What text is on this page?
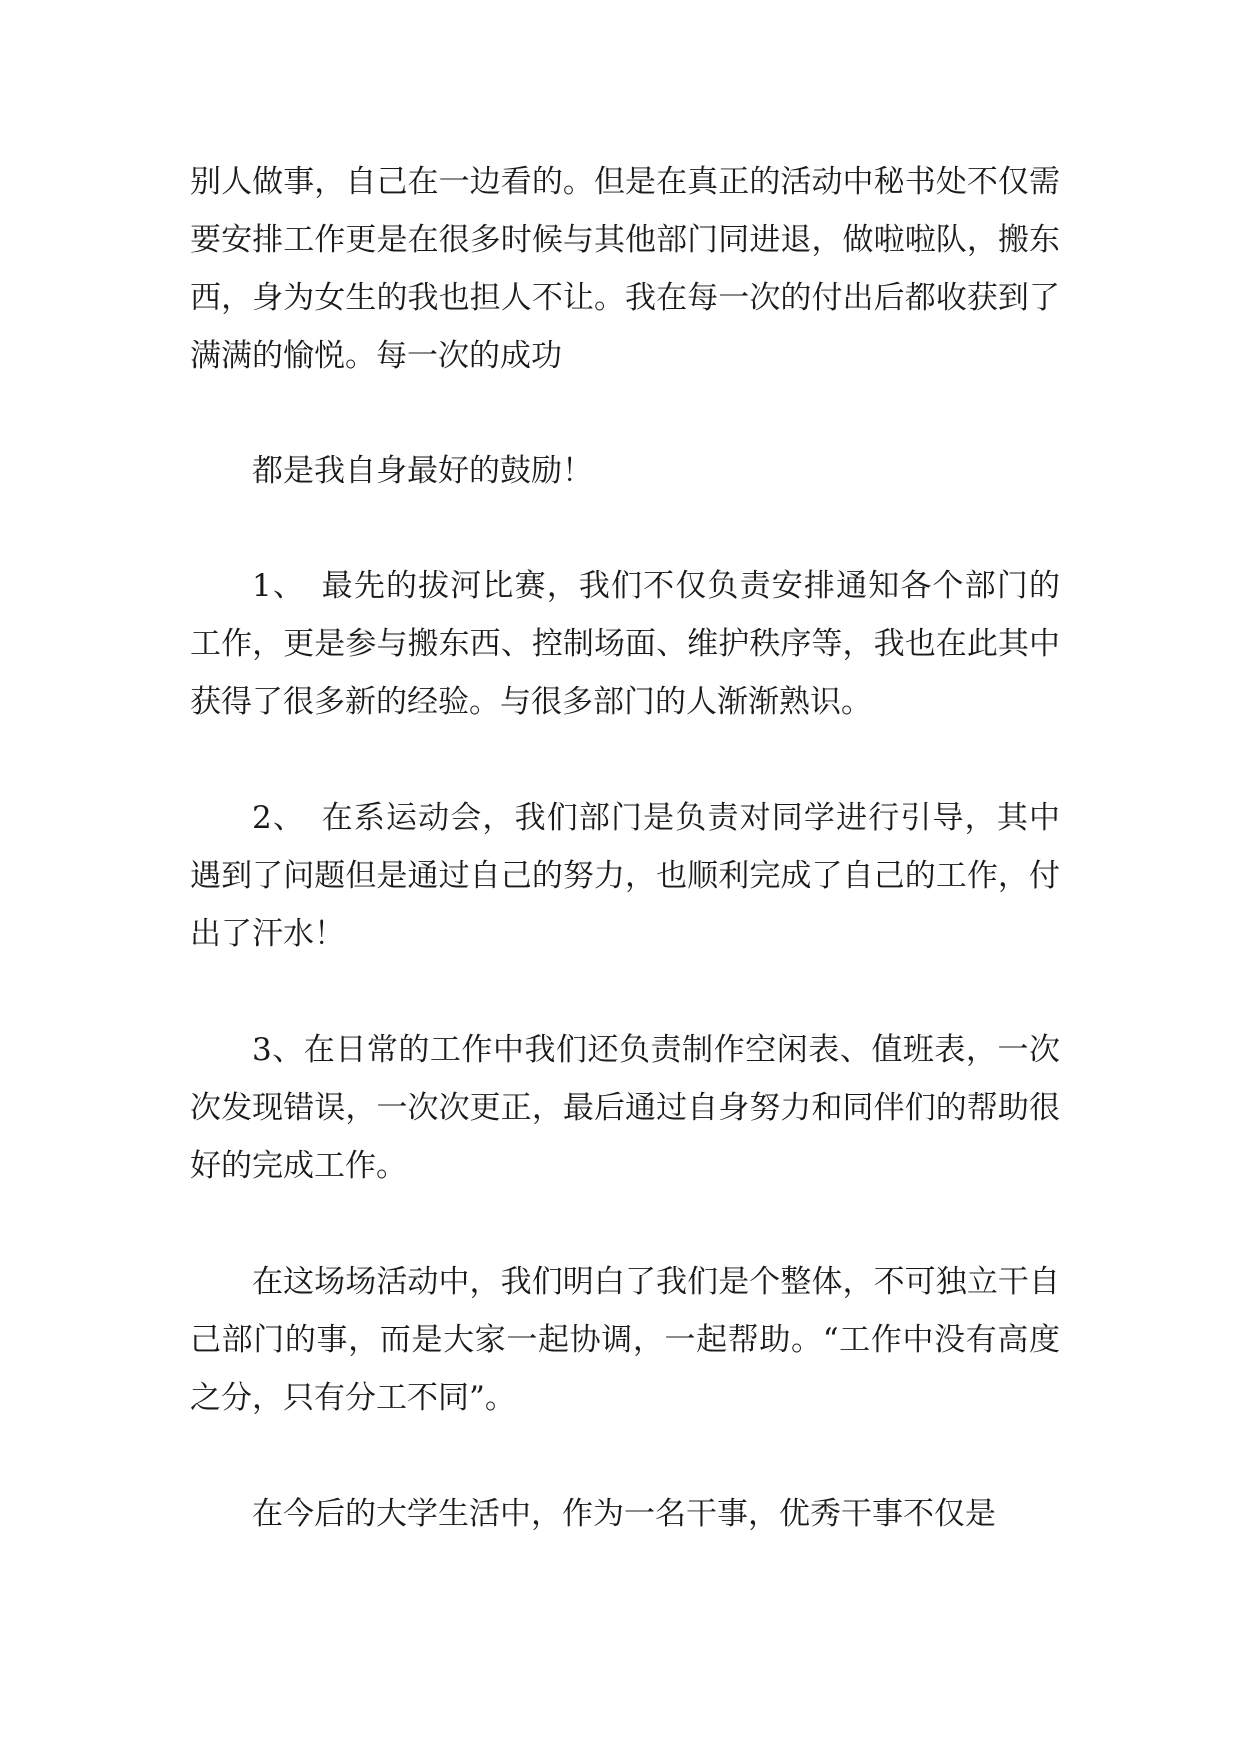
别人做事，自己在一边看的。但是在真正的活动中秘书处不仅需要安排工作更是在很多时候与其他部门同进退，做啦啦队，搬东西，身为女生的我也担人不让。我在每一次的付出后都收获到了满满的愉悦。每一次的成功

都是我自身最好的鼓励！

1、　最先的拔河比赛，我们不仅负责安排通知各个部门的工作，更是参与搬东西、控制场面、维护秩序等，我也在此其中获得了很多新的经验。与很多部门的人渐渐熟识。

2、　在系运动会，我们部门是负责对同学进行引导，其中遇到了问题但是通过自己的努力，也顺利完成了自己的工作，付出了汗水！

3、在日常的工作中我们还负责制作空闲表、值班表，一次次发现错误，一次次更正，最后通过自身努力和同伴们的帮助很好的完成工作。

在这场场活动中，我们明白了我们是个整体，不可独立干自己部门的事，而是大家一起协调，一起帮助。“工作中没有高度之分，只有分工不同”。

在今后的大学生活中，作为一名干事，优秀干事不仅是
